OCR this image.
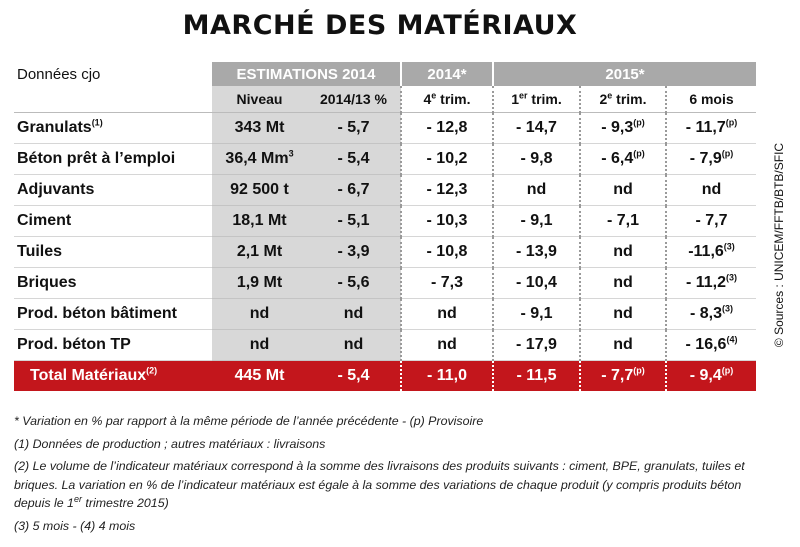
MARCHÉ DES MATÉRIAUX
Données cjo	ESTIMATIONS 2014		2014*	2015*		
	Niveau	2014/13 %	4e trim.	1er trim.	2e trim.	6 mois
Granulats$^{(1)}$	343 Mt	- 5,7	- 12,8	- 14,7	- 9,3$^{(p)}$	- 11,7$^{(p)}$
Béton prêt à l’emploi	36,4 Mm$^3$	- 5,4	- 10,2	- 9,8	- 6,4$^{(p)}$	- 7,9$^{(p)}$
Adjuvants	92 500 t	- 6,7	- 12,3	nd	nd	nd
Ciment	18,1 Mt	- 5,1	- 10,3	- 9,1	- 7,1	- 7,7
Tuiles	2,1 Mt	- 3,9	- 10,8	- 13,9	nd	-11,6$^{(3)}$
Briques	1,9 Mt	- 5,6	- 7,3	- 10,4	nd	- 11,2$^{(3)}$
Prod. béton bâtiment	nd	nd	nd	- 9,1	nd	- 8,3$^{(3)}$
Prod. béton TP	nd	nd	nd	- 17,9	nd	- 16,6$^{(4)}$
Total Matériaux$^{(2)}$	445 Mt	- 5,4	- 11,0	- 11,5	- 7,7$^{(p)}$	- 9,4$^{(p)}$
© Sources : UNICEM/FFTB/BTB/SFIC

* Variation en % par rapport à la même période de l’année précédente - (p) Provisoire

(1) Données de production ; autres matériaux : livraisons

(2) Le volume de l’indicateur matériaux correspond à la somme des livraisons des produits suivants : ciment, BPE, granulats, tuiles et briques. La variation en % de l’indicateur matériaux est égale à la somme des variations de chaque produit (y compris produits béton depuis le 1er trimestre 2015)

(3) 5 mois - (4) 4 mois
